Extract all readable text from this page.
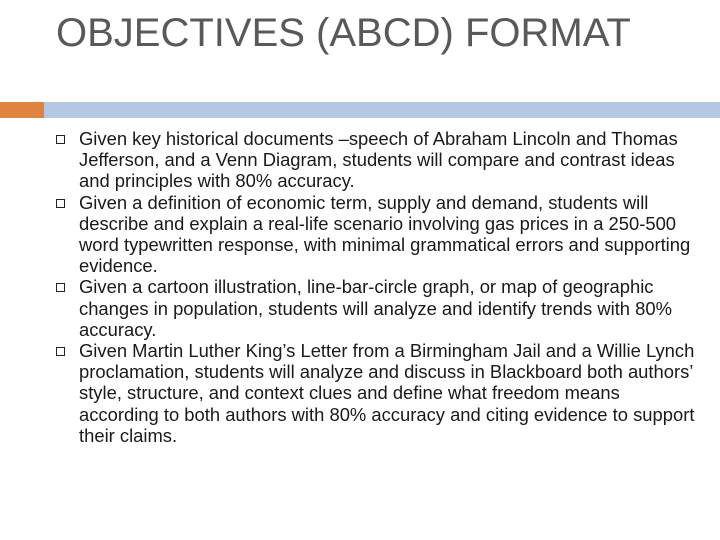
OBJECTIVES (ABCD) FORMAT
Given key historical documents –speech of Abraham Lincoln and Thomas Jefferson, and a Venn Diagram, students will compare and contrast ideas and principles with 80% accuracy.
Given a definition of economic term, supply and demand, students will describe and explain a real-life scenario involving gas prices in a 250-500 word typewritten response, with minimal grammatical errors and supporting evidence.
Given a cartoon illustration, line-bar-circle graph, or map of geographic changes in population, students will analyze and identify trends with 80% accuracy.
Given Martin Luther King’s Letter from a Birmingham Jail and a Willie Lynch proclamation, students will analyze and discuss in Blackboard both authors’ style, structure, and context clues and define what freedom means according to both authors with 80% accuracy and citing evidence to support their claims.
